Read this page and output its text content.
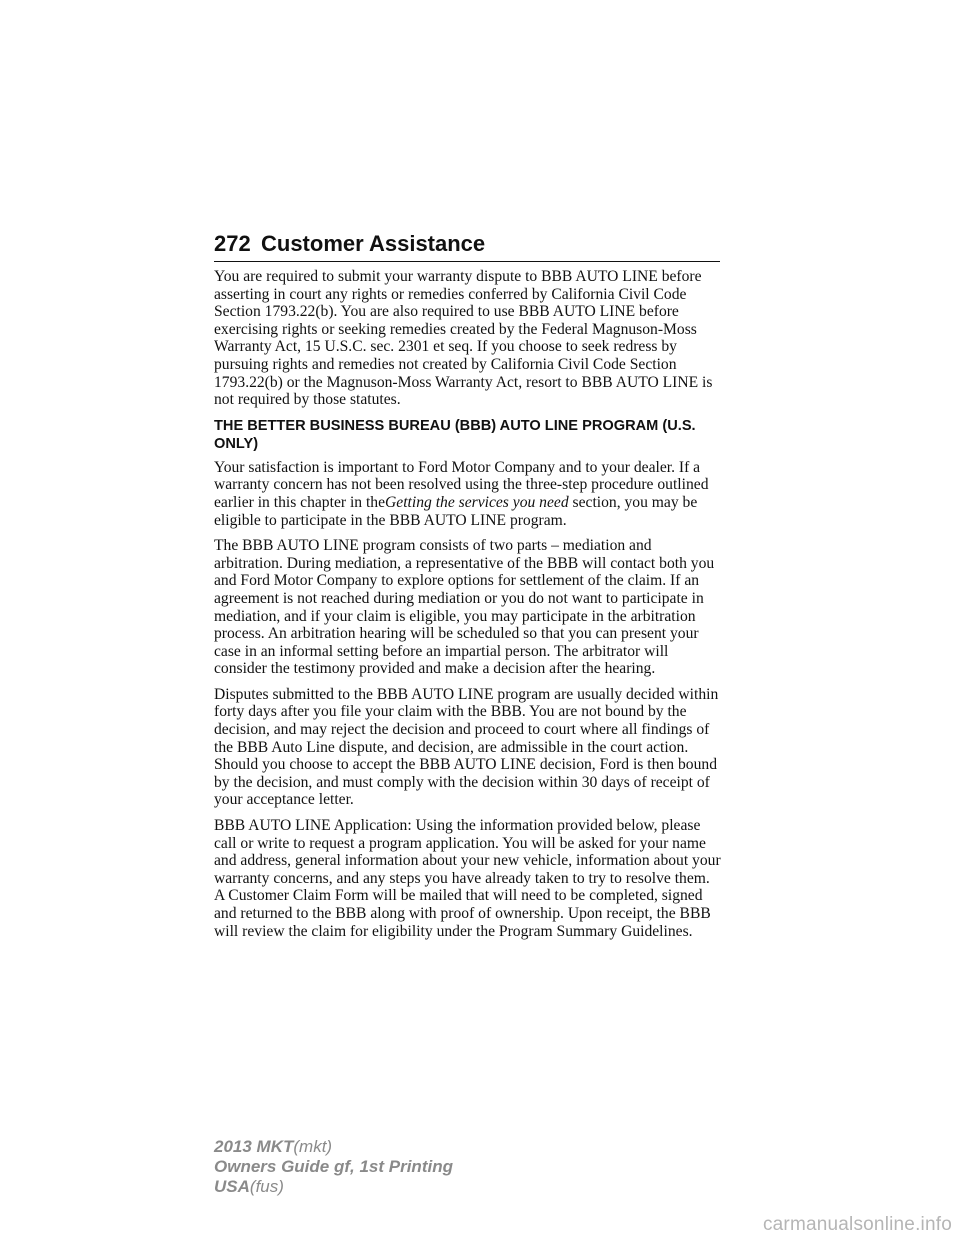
272 Customer Assistance

You are required to submit your warranty dispute to BBB AUTO LINE before asserting in court any rights or remedies conferred by California Civil Code Section 1793.22(b). You are also required to use BBB AUTO LINE before exercising rights or seeking remedies created by the Federal Magnuson-Moss Warranty Act, 15 U.S.C. sec. 2301 et seq. If you choose to seek redress by pursuing rights and remedies not created by California Civil Code Section 1793.22(b) or the Magnuson-Moss Warranty Act, resort to BBB AUTO LINE is not required by those statutes.

THE BETTER BUSINESS BUREAU (BBB) AUTO LINE PROGRAM (U.S. ONLY)

Your satisfaction is important to Ford Motor Company and to your dealer. If a warranty concern has not been resolved using the three-step procedure outlined earlier in this chapter in theGetting the services you need section, you may be eligible to participate in the BBB AUTO LINE program.

The BBB AUTO LINE program consists of two parts – mediation and arbitration. During mediation, a representative of the BBB will contact both you and Ford Motor Company to explore options for settlement of the claim. If an agreement is not reached during mediation or you do not want to participate in mediation, and if your claim is eligible, you may participate in the arbitration process. An arbitration hearing will be scheduled so that you can present your case in an informal setting before an impartial person. The arbitrator will consider the testimony provided and make a decision after the hearing.

Disputes submitted to the BBB AUTO LINE program are usually decided within forty days after you file your claim with the BBB. You are not bound by the decision, and may reject the decision and proceed to court where all findings of the BBB Auto Line dispute, and decision, are admissible in the court action. Should you choose to accept the BBB AUTO LINE decision, Ford is then bound by the decision, and must comply with the decision within 30 days of receipt of your acceptance letter.

BBB AUTO LINE Application: Using the information provided below, please call or write to request a program application. You will be asked for your name and address, general information about your new vehicle, information about your warranty concerns, and any steps you have already taken to try to resolve them. A Customer Claim Form will be mailed that will need to be completed, signed and returned to the BBB along with proof of ownership. Upon receipt, the BBB will review the claim for eligibility under the Program Summary Guidelines.

2013 MKT(mkt)
Owners Guide gf, 1st Printing
USA(fus)
carmanualsonline.info
